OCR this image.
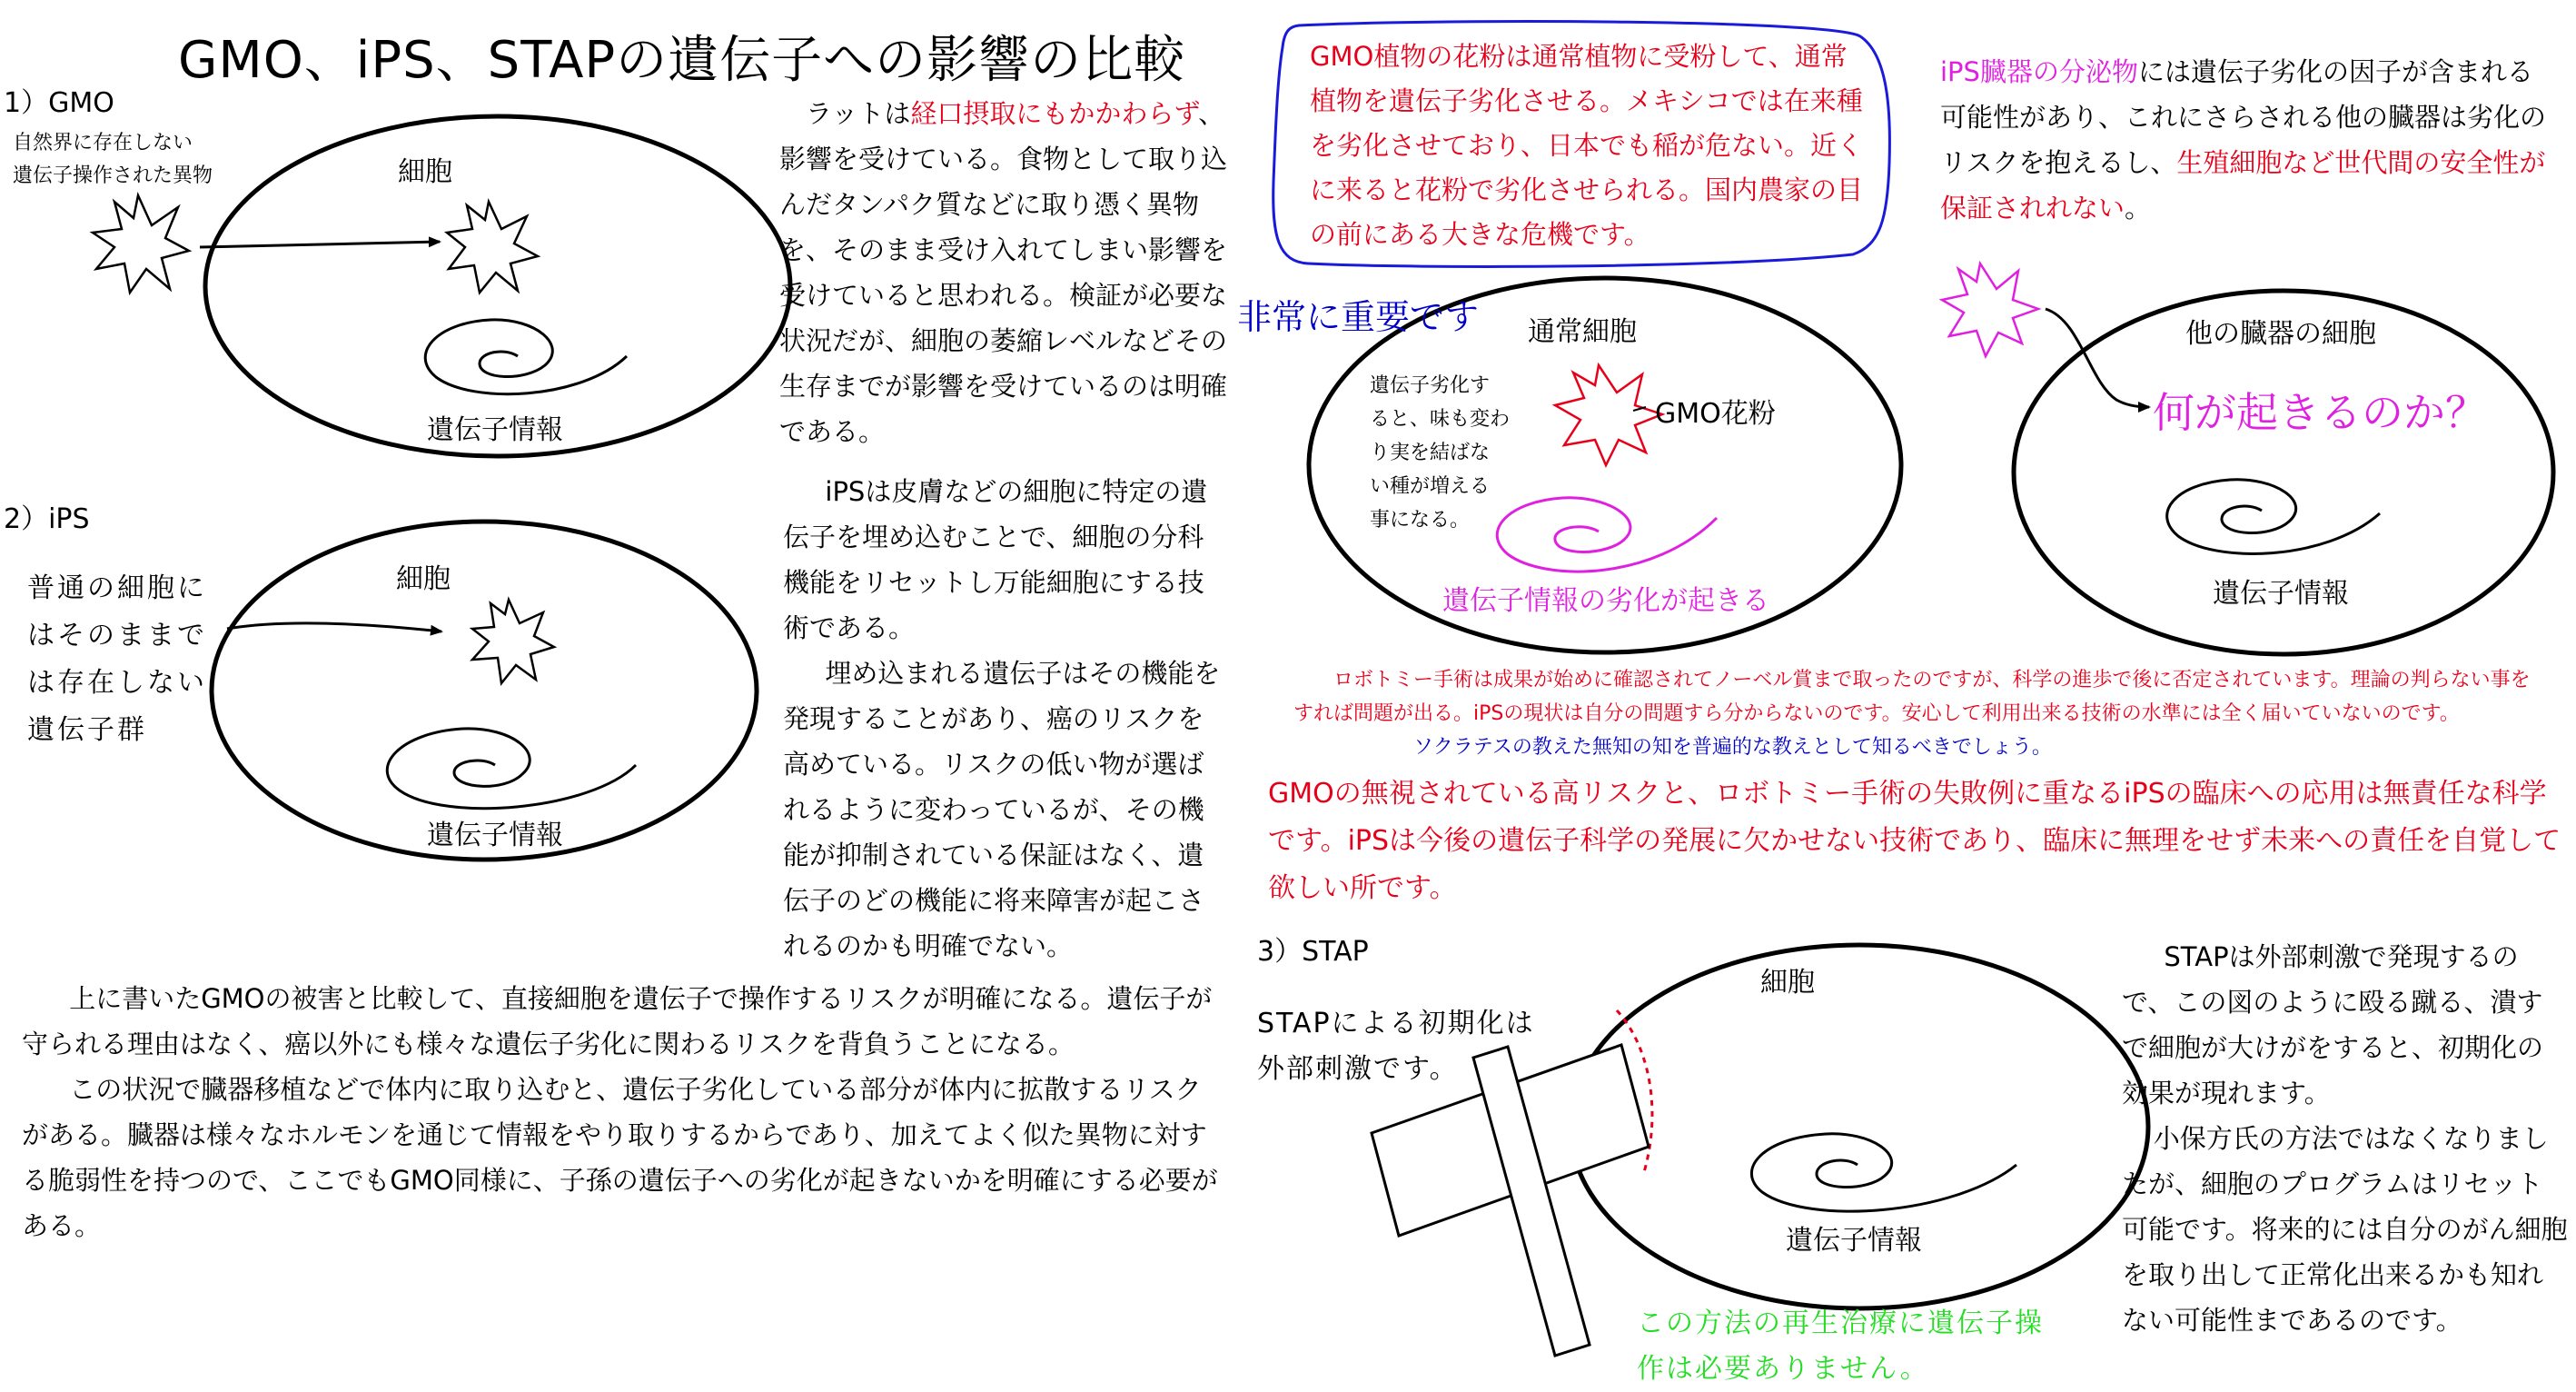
GMO、iPS、STAPの遺伝子への影響の比較
1）GMO
自然界に存在しない
遺伝子操作された異物	細胞
遺伝子情報
ラットは経口摂取にもかかわらず、影響を受けている。食物として取り込んだタンパク質などに取り憑く異物を、そのまま受け入れてしまい影響を受けていると思われる。検証が必要な状況だが、細胞の萎縮レベルなどその生存までが影響を受けているのは明確である。
2）iPS
普通の細胞に
はそのままで
は存在しない
遺伝子群
細胞
遺伝子情報
iPSは皮膚などの細胞に特定の遺伝子を埋め込むことで、細胞の分科機能をリセットし万能細胞にする技術である。
埋め込まれる遺伝子はその機能を発現することがあり、癌のリスクを高めている。リスクの低い物が選ばれるように変わっているが、その機能が抑制されている保証はなく、遺伝子のどの機能に将来障害が起こされるのかも明確でない。
上に書いたGMOの被害と比較して、直接細胞を遺伝子で操作するリスクが明確になる。遺伝子が守られる理由はなく、癌以外にも様々な遺伝子劣化に関わるリスクを背負うことになる。
この状況で臓器移植などで体内に取り込むと、遺伝子劣化している部分が体内に拡散するリスクがある。臓器は様々なホルモンを通じて情報をやり取りするからであり、加えてよく似た異物に対する脆弱性を持つので、ここでもGMO同様に、子孫の遺伝子への劣化が起きないかを明確にする必要がある。
GMO植物の花粉は通常植物に受粉して、通常植物を遺伝子劣化させる。メキシコでは在来種を劣化させており、日本でも稲が危ない。近くに来ると花粉で劣化させられる。国内農家の目の前にある大きな危機です。
非常に重要です 通常細胞
遺伝子劣化す
ると、味も変わ
り実を結ばな
い種が増える
事になる。
GMO花粉
遺伝子情報の劣化が起きる
iPS臓器の分泌物には遺伝子劣化の因子が含まれる可能性があり、これにさらされる他の臓器は劣化のリスクを抱えるし、生殖細胞など世代間の安全性が保証されれない。
他の臓器の細胞
何が起きるのか？
遺伝子情報
ロボトミー手術は成果が始めに確認されてノーベル賞まで取ったのですが、科学の進歩で後に否定されています。理論の判らない事をすれば問題が出る。iPSの現状は自分の問題すら分からないのです。安心して利用出来る技術の水準には全く届いていないのです。ソクラテスの教えた無知の知を普遍的な教えとして知るべきでしょう。
GMOの無視されている高リスクと、ロボトミー手術の失敗例に重なるiPSの臨床への応用は無責任な科学です。iPSは今後の遺伝子科学の発展に欠かせない技術であり、臨床に無理をせず未来への責任を自覚して欲しい所です。
3）STAP
STAPによる初期化は
外部刺激です。
細胞
遺伝子情報
この方法の再生治療に遺伝子操
作は必要ありません。
STAPは外部刺激で発現するので、この図のように殴る蹴る、潰すで細胞が大けがをすると、初期化の効果が現れます。
小保方氏の方法ではなくなりましたが、細胞のプログラムはリセット可能です。将来的には自分のがん細胞を取り出して正常化出来るかも知れない可能性まであるのです。
